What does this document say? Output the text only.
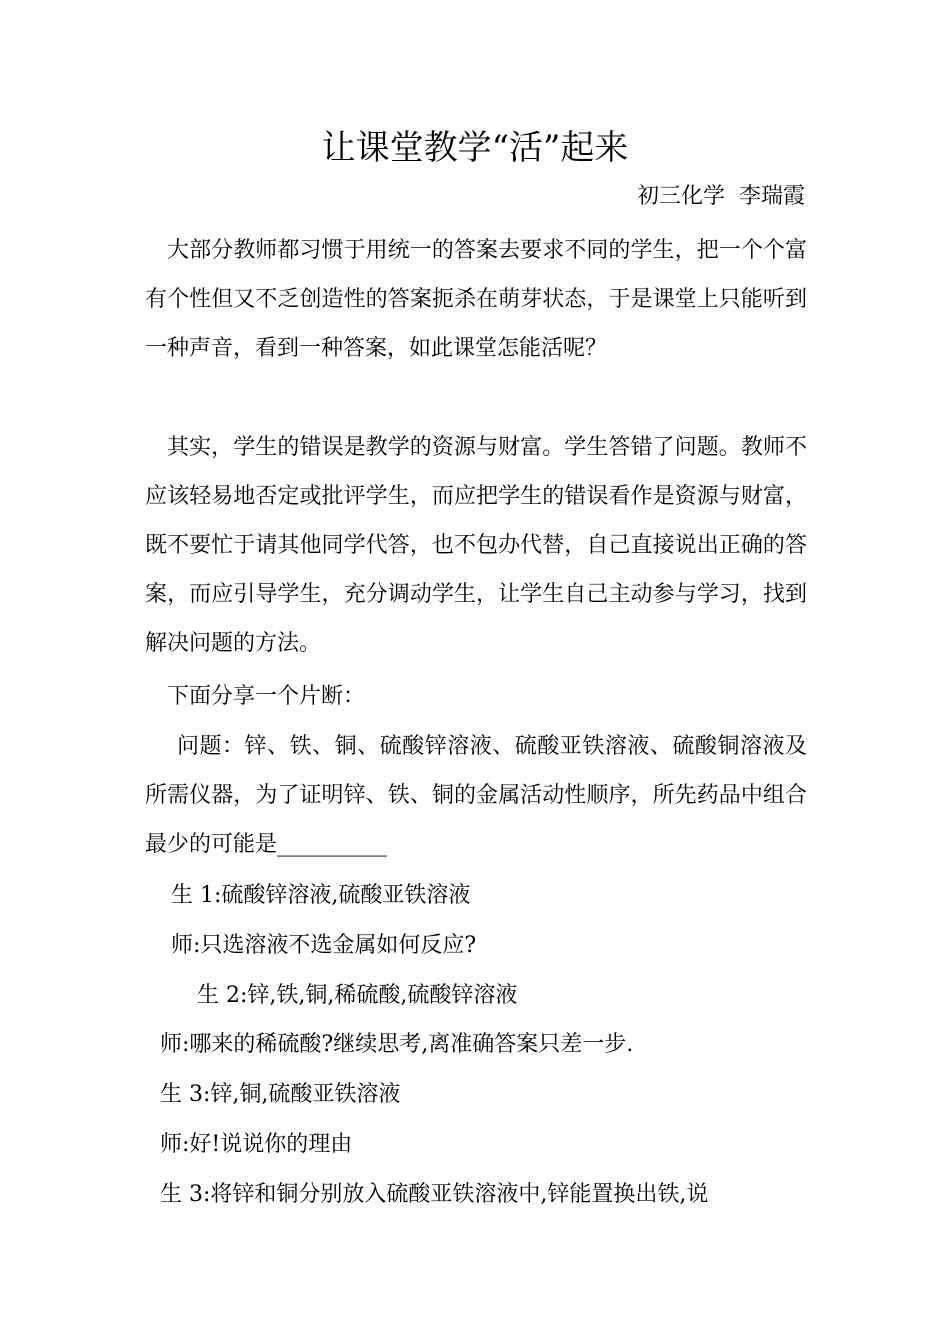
让课堂教学“活”起来
初三化学  李瑞霞
大部分教师都习惯于用统一的答案去要求不同的学生，把一个个富有个性但又不乏创造性的答案扼杀在萌芽状态，于是课堂上只能听到一种声音，看到一种答案，如此课堂怎能活呢？
其实，学生的错误是教学的资源与财富。学生答错了问题。教师不应该轻易地否定或批评学生，而应把学生的错误看作是资源与财富，既不要忙于请其他同学代答，也不包办代替，自己直接说出正确的答案，而应引导学生，充分调动学生，让学生自己主动参与学习，找到解决问题的方法。
下面分享一个片断：
问题：锌、铁、铜、硫酸锌溶液、硫酸亚铁溶液、硫酸铜溶液及所需仪器，为了证明锌、铁、铜的金属活动性顺序，所先药品中组合最少的可能是__________
生 1:硫酸锌溶液,硫酸亚铁溶液
师:只选溶液不选金属如何反应?
生 2:锌,铁,铜,稀硫酸,硫酸锌溶液
师:哪来的稀硫酸?继续思考,离准确答案只差一步.
生 3:锌,铜,硫酸亚铁溶液
师:好!说说你的理由
生 3:将锌和铜分别放入硫酸亚铁溶液中,锌能置换出铁,说
